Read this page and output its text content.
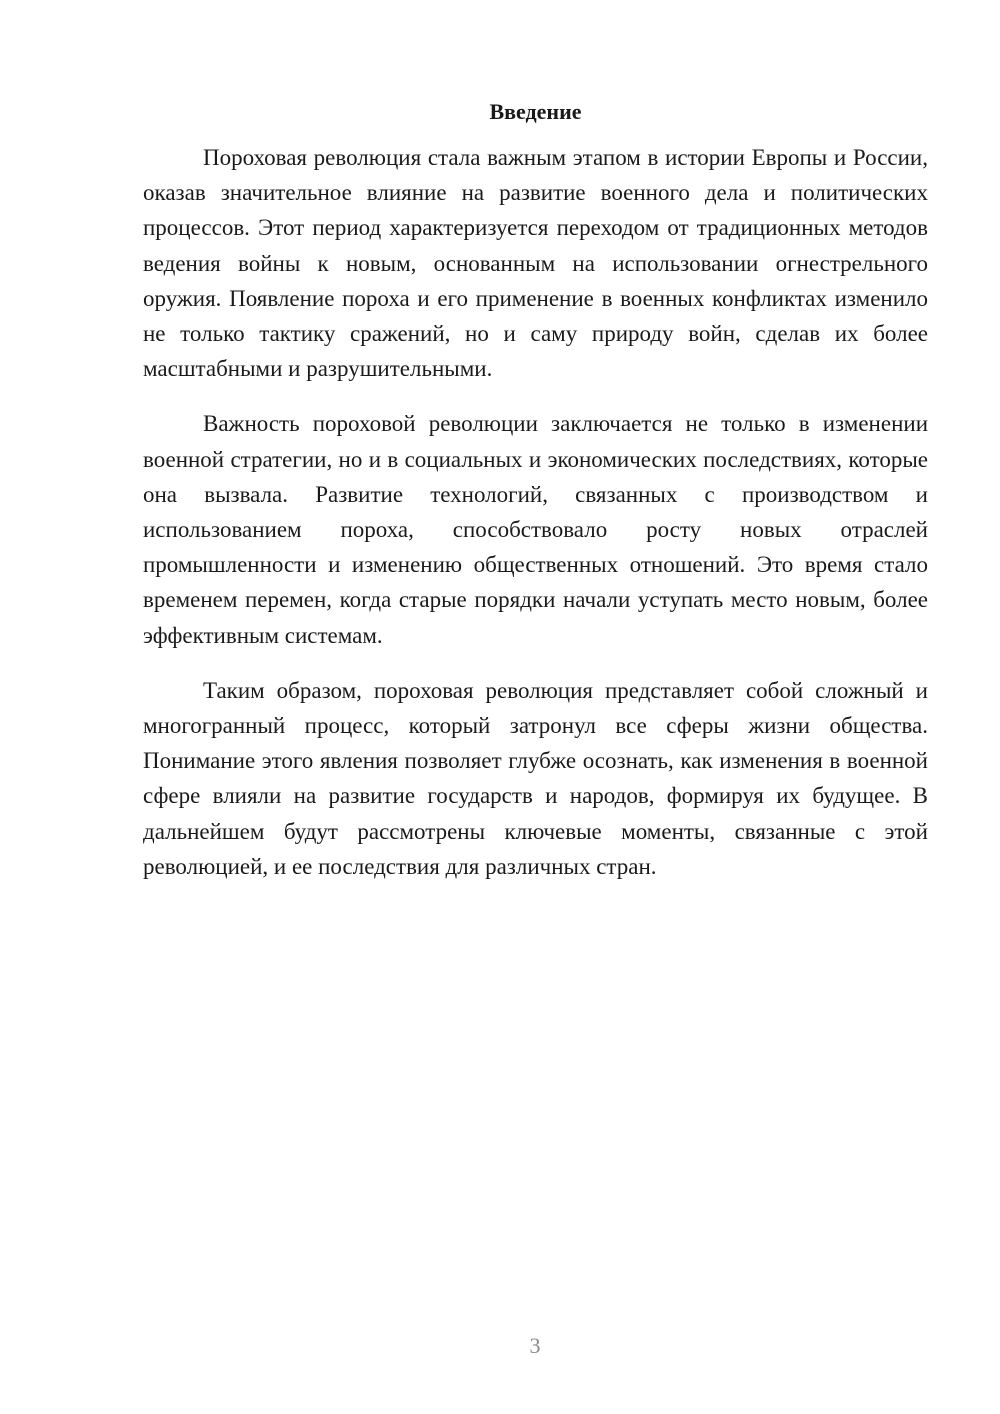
Введение

Пороховая революция стала важным этапом в истории Европы и России, оказав значительное влияние на развитие военного дела и политических процессов. Этот период характеризуется переходом от традиционных методов ведения войны к новым, основанным на использовании огнестрельного оружия. Появление пороха и его применение в военных конфликтах изменило не только тактику сражений, но и саму природу войн, сделав их более масштабными и разрушительными.

Важность пороховой революции заключается не только в изменении военной стратегии, но и в социальных и экономических последствиях, которые она вызвала. Развитие технологий, связанных с производством и использованием пороха, способствовало росту новых отраслей промышленности и изменению общественных отношений. Это время стало временем перемен, когда старые порядки начали уступать место новым, более эффективным системам.

Таким образом, пороховая революция представляет собой сложный и многогранный процесс, который затронул все сферы жизни общества. Понимание этого явления позволяет глубже осознать, как изменения в военной сфере влияли на развитие государств и народов, формируя их будущее. В дальнейшем будут рассмотрены ключевые моменты, связанные с этой революцией, и ее последствия для различных стран.

3
